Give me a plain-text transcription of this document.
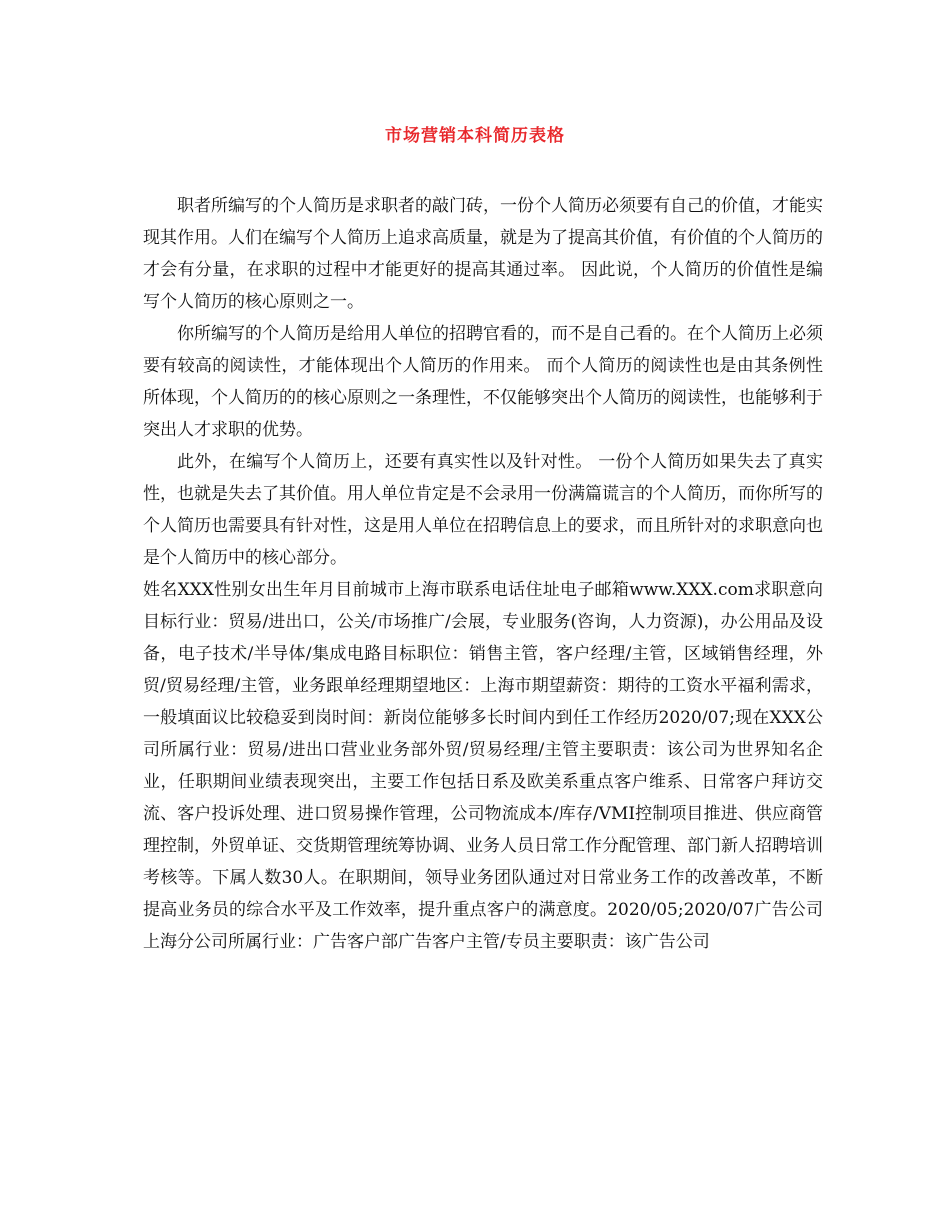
市场营销本科简历表格

职者所编写的个人简历是求职者的敲门砖，一份个人简历必须要有自己的价值，才能实现其作用。人们在编写个人简历上追求高质量，就是为了提高其价值，有价值的个人简历的才会有分量，在求职的过程中才能更好的提高其通过率。 因此说，个人简历的价值性是编写个人简历的核心原则之一。

你所编写的个人简历是给用人单位的招聘官看的，而不是自己看的。在个人简历上必须要有较高的阅读性，才能体现出个人简历的作用来。 而个人简历的阅读性也是由其条例性所体现，个人简历的的核心原则之一条理性，不仅能够突出个人简历的阅读性，也能够利于突出人才求职的优势。

此外，在编写个人简历上，还要有真实性以及针对性。 一份个人简历如果失去了真实性，也就是失去了其价值。用人单位肯定是不会录用一份满篇谎言的个人简历，而你所写的个人简历也需要具有针对性，这是用人单位在招聘信息上的要求，而且所针对的求职意向也是个人简历中的核心部分。

姓名XXX性别女出生年月目前城市上海市联系电话住址电子邮箱www.XXX.com求职意向目标行业：贸易/进出口，公关/市场推广/会展，专业服务(咨询，人力资源)，办公用品及设备，电子技术/半导体/集成电路目标职位：销售主管，客户经理/主管，区域销售经理，外贸/贸易经理/主管，业务跟单经理期望地区：上海市期望薪资：期待的工资水平福利需求，一般填面议比较稳妥到岗时间：新岗位能够多长时间内到任工作经历2020/07;现在XXX公司所属行业：贸易/进出口营业业务部外贸/贸易经理/主管主要职责：该公司为世界知名企业，任职期间业绩表现突出，主要工作包括日系及欧美系重点客户维系、日常客户拜访交流、客户投诉处理、进口贸易操作管理，公司物流成本/库存/VMI控制项目推进、供应商管理控制，外贸单证、交货期管理统筹协调、业务人员日常工作分配管理、部门新人招聘培训考核等。下属人数30人。在职期间，领导业务团队通过对日常业务工作的改善改革，不断提高业务员的综合水平及工作效率，提升重点客户的满意度。2020/05;2020/07广告公司上海分公司所属行业：广告客户部广告客户主管/专员主要职责：该广告公司
